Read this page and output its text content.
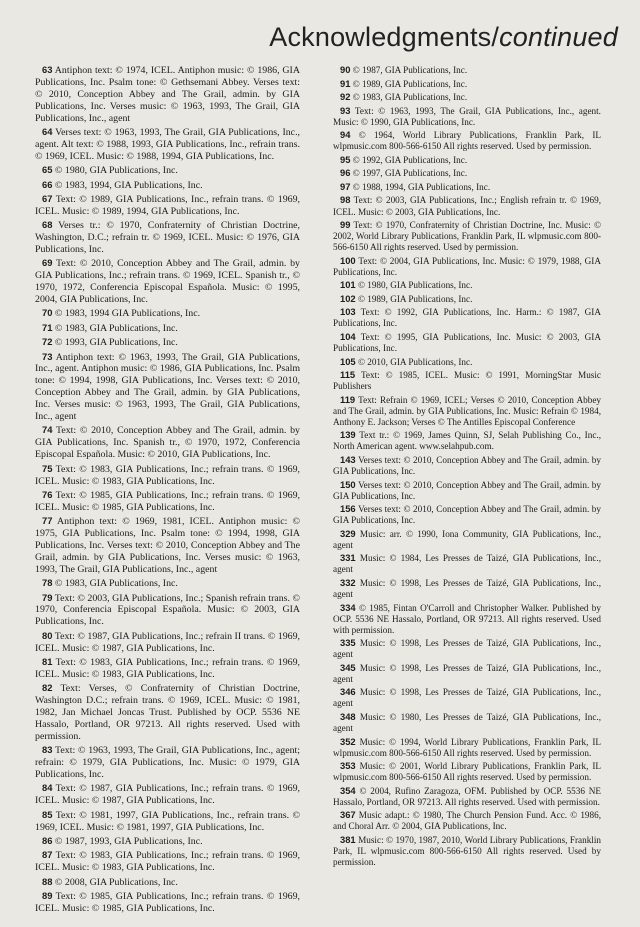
Acknowledgments/continued

63 Antiphon text: © 1974, ICEL. Antiphon music: © 1986, GIA Publications, Inc. Psalm tone: © Gethsemani Abbey. Verses text: © 2010, Conception Abbey and The Grail, admin. by GIA Publications, Inc. Verses music: © 1963, 1993, The Grail, GIA Publications, Inc., agent

64 Verses text: © 1963, 1993, The Grail, GIA Publications, Inc., agent. Alt text: © 1988, 1993, GIA Publications, Inc., refrain trans. © 1969, ICEL. Music: © 1988, 1994, GIA Publications, Inc.

65 © 1980, GIA Publications, Inc.

66 © 1983, 1994, GIA Publications, Inc.

67 Text: © 1989, GIA Publications, Inc., refrain trans. © 1969, ICEL. Music: © 1989, 1994, GIA Publications, Inc.

68 Verses tr.: © 1970, Confraternity of Christian Doctrine, Washington, D.C.; refrain tr. © 1969, ICEL. Music: © 1976, GIA Publications, Inc.

69 Text: © 2010, Conception Abbey and The Grail, admin. by GIA Publications, Inc.; refrain trans. © 1969, ICEL. Spanish tr., © 1970, 1972, Conferencia Episcopal Española. Music: © 1995, 2004, GIA Publications, Inc.

70 © 1983, 1994 GIA Publications, Inc.

71 © 1983, GIA Publications, Inc.

72 © 1993, GIA Publications, Inc.

73 Antiphon text: © 1963, 1993, The Grail, GIA Publications, Inc., agent. Antiphon music: © 1986, GIA Publications, Inc. Psalm tone: © 1994, 1998, GIA Publications, Inc. Verses text: © 2010, Conception Abbey and The Grail, admin. by GIA Publications, Inc. Verses music: © 1963, 1993, The Grail, GIA Publications, Inc., agent

74 Text: © 2010, Conception Abbey and The Grail, admin. by GIA Publications, Inc. Spanish tr., © 1970, 1972, Conferencia Episcopal Española. Music: © 2010, GIA Publications, Inc.

75 Text: © 1983, GIA Publications, Inc.; refrain trans. © 1969, ICEL. Music: © 1983, GIA Publications, Inc.

76 Text: © 1985, GIA Publications, Inc.; refrain trans. © 1969, ICEL. Music: © 1985, GIA Publications, Inc.

77 Antiphon text: © 1969, 1981, ICEL. Antiphon music: © 1975, GIA Publications, Inc. Psalm tone: © 1994, 1998, GIA Publications, Inc. Verses text: © 2010, Conception Abbey and The Grail, admin. by GIA Publications, Inc. Verses music: © 1963, 1993, The Grail, GIA Publications, Inc., agent

78 © 1983, GIA Publications, Inc.

79 Text: © 2003, GIA Publications, Inc.; Spanish refrain trans. © 1970, Conferencia Episcopal Española. Music: © 2003, GIA Publications, Inc.

80 Text: © 1987, GIA Publications, Inc.; refrain II trans. © 1969, ICEL. Music: © 1987, GIA Publications, Inc.

81 Text: © 1983, GIA Publications, Inc.; refrain trans. © 1969, ICEL. Music: © 1983, GIA Publications, Inc.

82 Text: Verses, © Confraternity of Christian Doctrine, Washington D.C.; refrain trans. © 1969, ICEL. Music: © 1981, 1982, Jan Michael Joncas Trust. Published by OCP. 5536 NE Hassalo, Portland, OR 97213. All rights reserved. Used with permission.

83 Text: © 1963, 1993, The Grail, GIA Publications, Inc., agent; refrain: © 1979, GIA Publications, Inc. Music: © 1979, GIA Publications, Inc.

84 Text: © 1987, GIA Publications, Inc.; refrain trans. © 1969, ICEL. Music: © 1987, GIA Publications, Inc.

85 Text: © 1981, 1997, GIA Publications, Inc., refrain trans. © 1969, ICEL. Music: © 1981, 1997, GIA Publications, Inc.

86 © 1987, 1993, GIA Publications, Inc.

87 Text: © 1983, GIA Publications, Inc.; refrain trans. © 1969, ICEL. Music: © 1983, GIA Publications, Inc.

88 © 2008, GIA Publications, Inc.

89 Text: © 1985, GIA Publications, Inc.; refrain trans. © 1969, ICEL. Music: © 1985, GIA Publications, Inc.

90 © 1987, GIA Publications, Inc.

91 © 1989, GIA Publications, Inc.

92 © 1983, GIA Publications, Inc.

93 Text: © 1963, 1993, The Grail, GIA Publications, Inc., agent. Music: © 1990, GIA Publications, Inc.

94 © 1964, World Library Publications, Franklin Park, IL wlpmusic.com 800-566-6150 All rights reserved. Used by permission.

95 © 1992, GIA Publications, Inc.

96 © 1997, GIA Publications, Inc.

97 © 1988, 1994, GIA Publications, Inc.

98 Text: © 2003, GIA Publications, Inc.; English refrain tr. © 1969, ICEL. Music: © 2003, GIA Publications, Inc.

99 Text: © 1970, Confraternity of Christian Doctrine, Inc. Music: © 2002, World Library Publications, Franklin Park, IL wlpmusic.com 800-566-6150 All rights reserved. Used by permission.

100 Text: © 2004, GIA Publications, Inc. Music: © 1979, 1988, GIA Publications, Inc.

101 © 1980, GIA Publications, Inc.

102 © 1989, GIA Publications, Inc.

103 Text: © 1992, GIA Publications, Inc. Harm.: © 1987, GIA Publications, Inc.

104 Text: © 1995, GIA Publications, Inc. Music: © 2003, GIA Publications, Inc.

105 © 2010, GIA Publications, Inc.

115 Text: © 1985, ICEL. Music: © 1991, MorningStar Music Publishers

119 Text: Refrain © 1969, ICEL; Verses © 2010, Conception Abbey and The Grail, admin. by GIA Publications, Inc. Music: Refrain © 1984, Anthony E. Jackson; Verses © The Antilles Episcopal Conference

139 Text tr.: © 1969, James Quinn, SJ, Selah Publishing Co., Inc., North American agent. www.selahpub.com.

143 Verses text: © 2010, Conception Abbey and The Grail, admin. by GIA Publications, Inc.

150 Verses text: © 2010, Conception Abbey and The Grail, admin. by GIA Publications, Inc.

156 Verses text: © 2010, Conception Abbey and The Grail, admin. by GIA Publications, Inc.

329 Music: arr. © 1990, Iona Community, GIA Publications, Inc., agent

331 Music: © 1984, Les Presses de Taizé, GIA Publications, Inc., agent

332 Music: © 1998, Les Presses de Taizé, GIA Publications, Inc., agent

334 © 1985, Fintan O'Carroll and Christopher Walker. Published by OCP. 5536 NE Hassalo, Portland, OR 97213. All rights reserved. Used with permission.

335 Music: © 1998, Les Presses de Taizé, GIA Publications, Inc., agent

345 Music: © 1998, Les Presses de Taizé, GIA Publications, Inc., agent

346 Music: © 1998, Les Presses de Taizé, GIA Publications, Inc., agent

348 Music: © 1980, Les Presses de Taizé, GIA Publications, Inc., agent

352 Music: © 1994, World Library Publications, Franklin Park, IL wlpmusic.com 800-566-6150 All rights reserved. Used by permission.

353 Music: © 2001, World Library Publications, Franklin Park, IL wlpmusic.com 800-566-6150 All rights reserved. Used by permission.

354 © 2004, Rufino Zaragoza, OFM. Published by OCP. 5536 NE Hassalo, Portland, OR 97213. All rights reserved. Used with permission.

367 Music adapt.: © 1980, The Church Pension Fund. Acc. © 1986, and Choral Arr. © 2004, GIA Publications, Inc.

381 Music: © 1970, 1987, 2010, World Library Publications, Franklin Park, IL wlpmusic.com 800-566-6150 All rights reserved. Used by permission.
